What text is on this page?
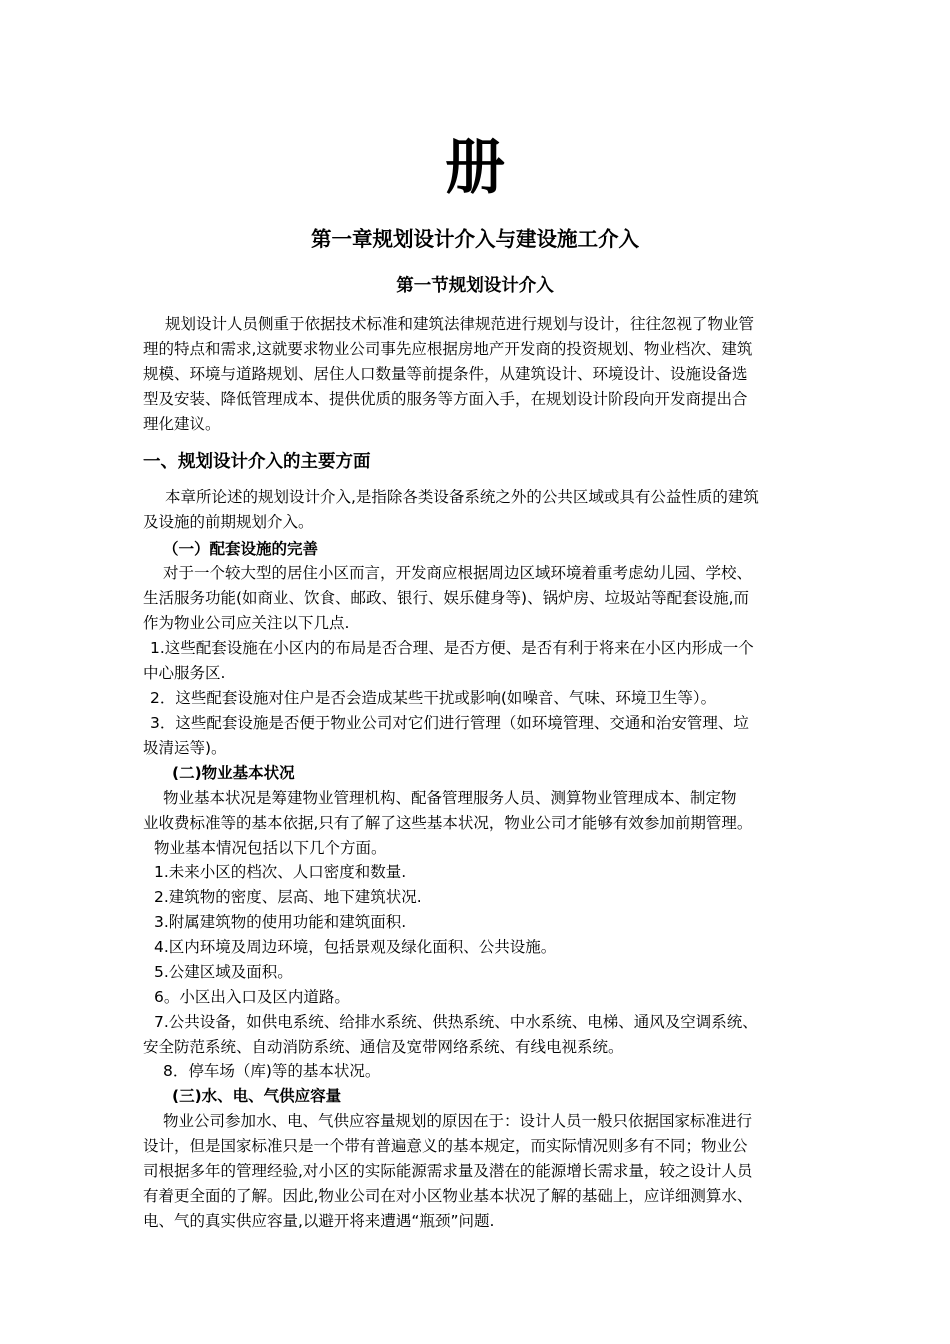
册
第一章规划设计介入与建设施工介入
第一节规划设计介入
规划设计人员侧重于依据技术标准和建筑法律规范进行规划与设计，往往忽视了物业管
理的特点和需求,这就要求物业公司事先应根据房地产开发商的投资规划、物业档次、建筑
规模、环境与道路规划、居住人口数量等前提条件，从建筑设计、环境设计、设施设备选
型及安装、降低管理成本、提供优质的服务等方面入手，在规划设计阶段向开发商提出合
理化建议。
一、规划设计介入的主要方面
本章所论述的规划设计介入,是指除各类设备系统之外的公共区域或具有公益性质的建筑
及设施的前期规划介入。
（一）配套设施的完善
对于一个较大型的居住小区而言，开发商应根据周边区域环境着重考虑幼儿园、学校、
生活服务功能(如商业、饮食、邮政、银行、娱乐健身等)、锅炉房、垃圾站等配套设施,而
作为物业公司应关注以下几点.
1.这些配套设施在小区内的布局是否合理、是否方便、是否有利于将来在小区内形成一个
中心服务区.
2．这些配套设施对住户是否会造成某些干扰或影响(如噪音、气味、环境卫生等）。
3．这些配套设施是否便于物业公司对它们进行管理（如环境管理、交通和治安管理、垃
圾清运等)。
(二)物业基本状况
物业基本状况是筹建物业管理机构、配备管理服务人员、测算物业管理成本、制定物
业收费标准等的基本依据,只有了解了这些基本状况，物业公司才能够有效参加前期管理。
物业基本情况包括以下几个方面。
1.未来小区的档次、人口密度和数量.
2.建筑物的密度、层高、地下建筑状况.
3.附属建筑物的使用功能和建筑面积.
4.区内环境及周边环境，包括景观及绿化面积、公共设施。
5.公建区域及面积。
6。小区出入口及区内道路。
7.公共设备，如供电系统、给排水系统、供热系统、中水系统、电梯、通风及空调系统、
安全防范系统、自动消防系统、通信及宽带网络系统、有线电视系统。
8．停车场（库)等的基本状况。
(三)水、电、气供应容量
物业公司参加水、电、气供应容量规划的原因在于：设计人员一般只依据国家标准进行
设计，但是国家标准只是一个带有普遍意义的基本规定，而实际情况则多有不同；物业公
司根据多年的管理经验,对小区的实际能源需求量及潜在的能源增长需求量，较之设计人员
有着更全面的了解。因此,物业公司在对小区物业基本状况了解的基础上，应详细测算水、
电、气的真实供应容量,以避开将来遭遇“瓶颈”问题.
